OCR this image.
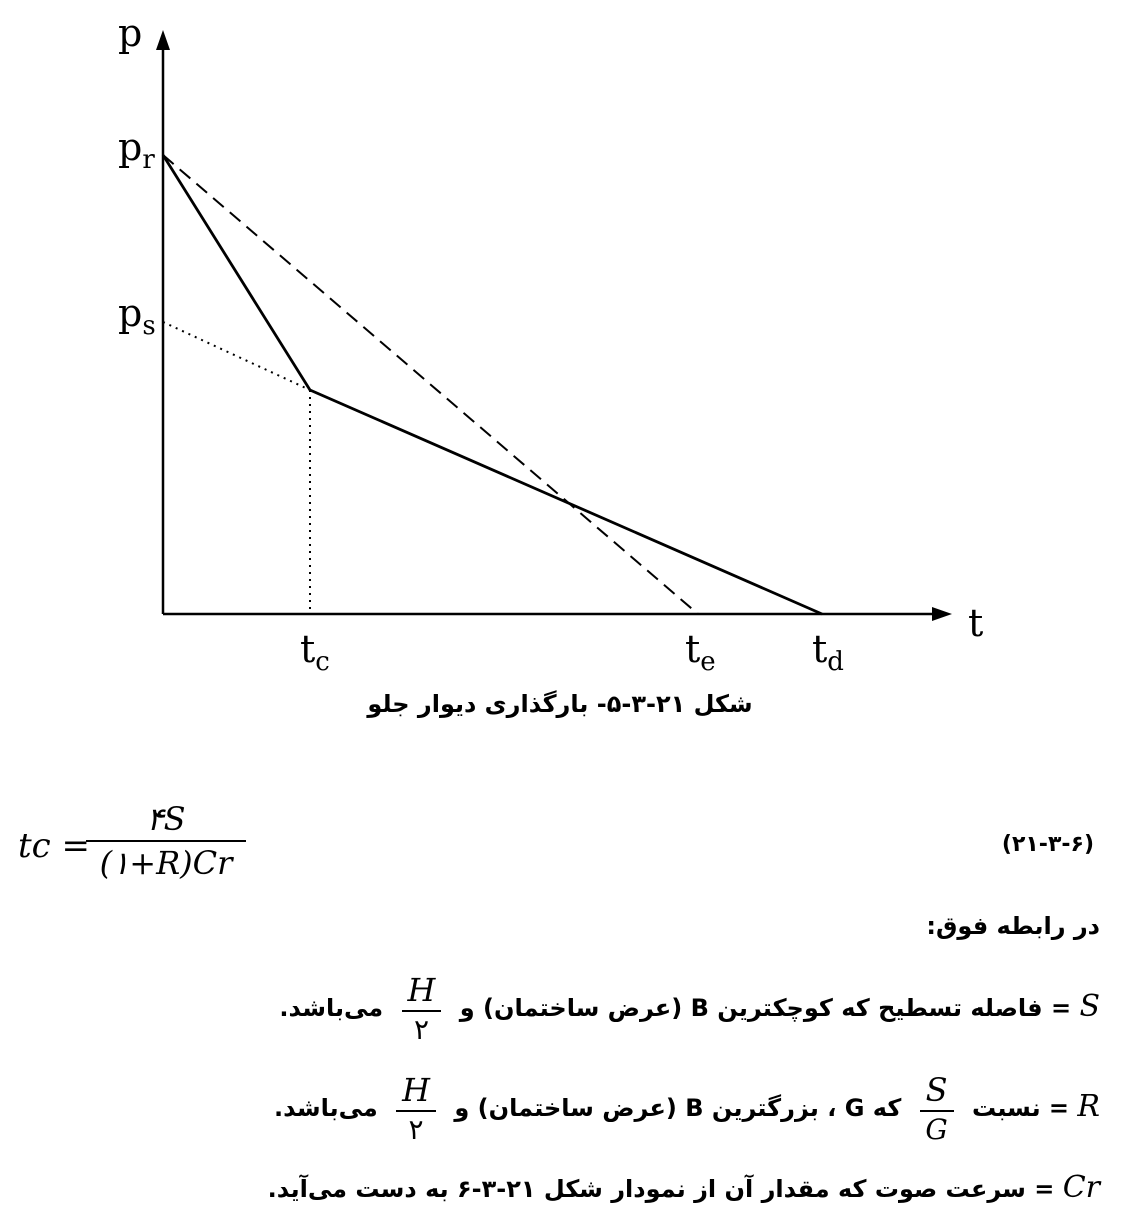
p
t
$p_r$
$p_s$
$t_c$	$t_e$	$t_d$
شکل ۲۱-۳-۵- بارگذاری دیوار جلو
tc =
$\frac{۴S}{(۱+R)Cr}$	(۲۱-۳-۶)
در رابطه فوق:
S = فاصله تسطیح که کوچکترین B (عرض ساختمان) و
$\frac{H}{۲}$
می‌باشد.
R = نسبت
$\frac{S}{G}$
که G ، بزرگترین B (عرض ساختمان) و
$\frac{H}{۲}$
می‌باشد.
Cr = سرعت صوت که مقدار آن از نمودار شکل ۲۱-۳-۶ به دست می‌آید.
